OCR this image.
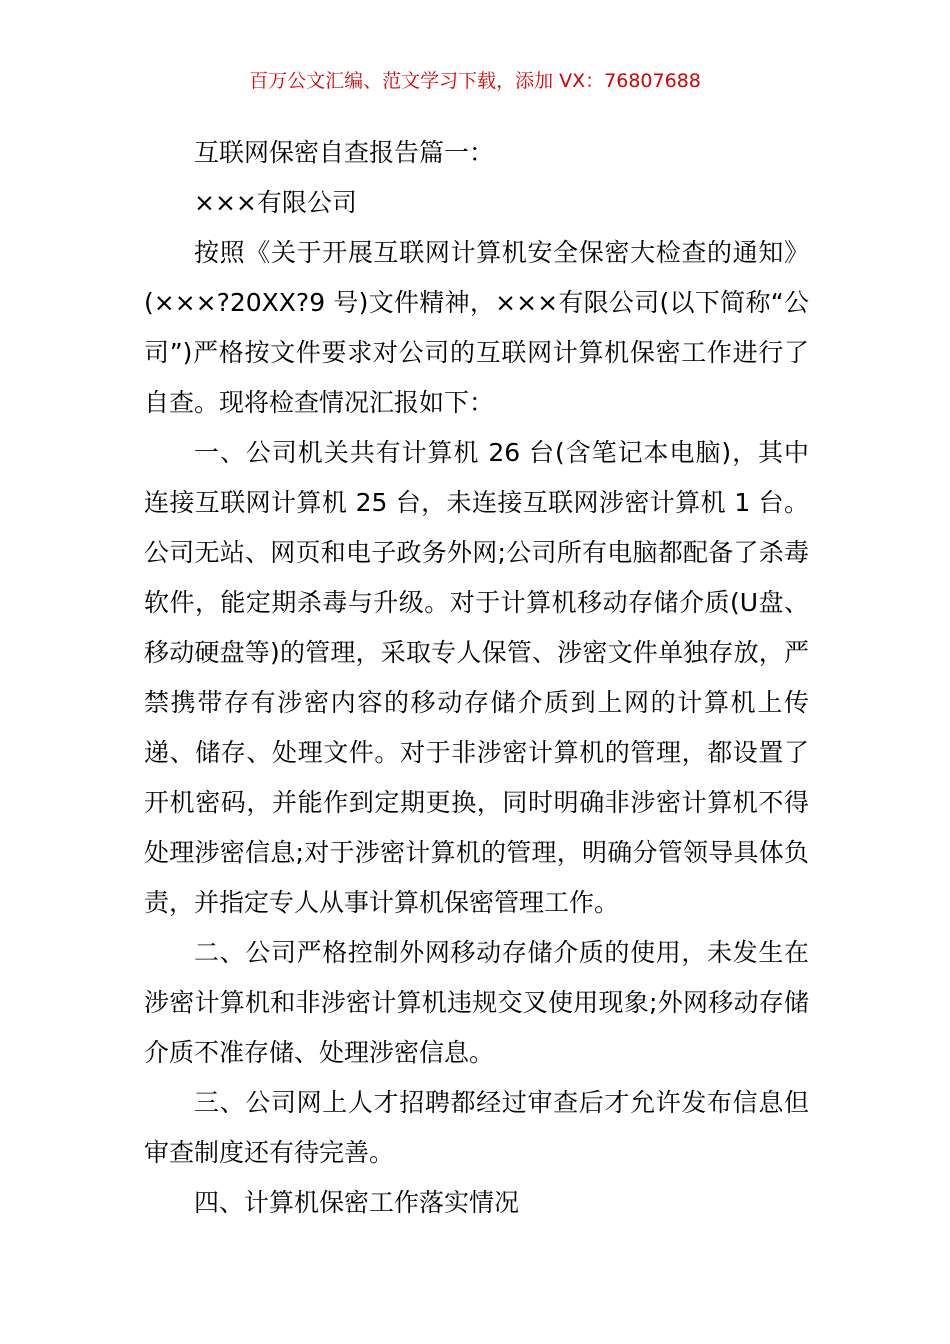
百万公文汇编、范文学习下载，添加 VX：76807688

互联网保密自查报告篇一：

×××有限公司

按照《关于开展互联网计算机安全保密大检查的通知》(×××?20XX?9 号)文件精神，×××有限公司(以下简称“公司”)严格按文件要求对公司的互联网计算机保密工作进行了自查。现将检查情况汇报如下：

一、公司机关共有计算机 26 台(含笔记本电脑)，其中连接互联网计算机 25 台，未连接互联网涉密计算机 1 台。公司无站、网页和电子政务外网;公司所有电脑都配备了杀毒软件，能定期杀毒与升级。对于计算机移动存储介质(U盘、移动硬盘等)的管理，采取专人保管、涉密文件单独存放，严禁携带存有涉密内容的移动存储介质到上网的计算机上传递、储存、处理文件。对于非涉密计算机的管理，都设置了开机密码，并能作到定期更换，同时明确非涉密计算机不得处理涉密信息;对于涉密计算机的管理，明确分管领导具体负责，并指定专人从事计算机保密管理工作。

二、公司严格控制外网移动存储介质的使用，未发生在涉密计算机和非涉密计算机违规交叉使用现象;外网移动存储介质不准存储、处理涉密信息。

三、公司网上人才招聘都经过审查后才允许发布信息但审查制度还有待完善。

四、计算机保密工作落实情况
